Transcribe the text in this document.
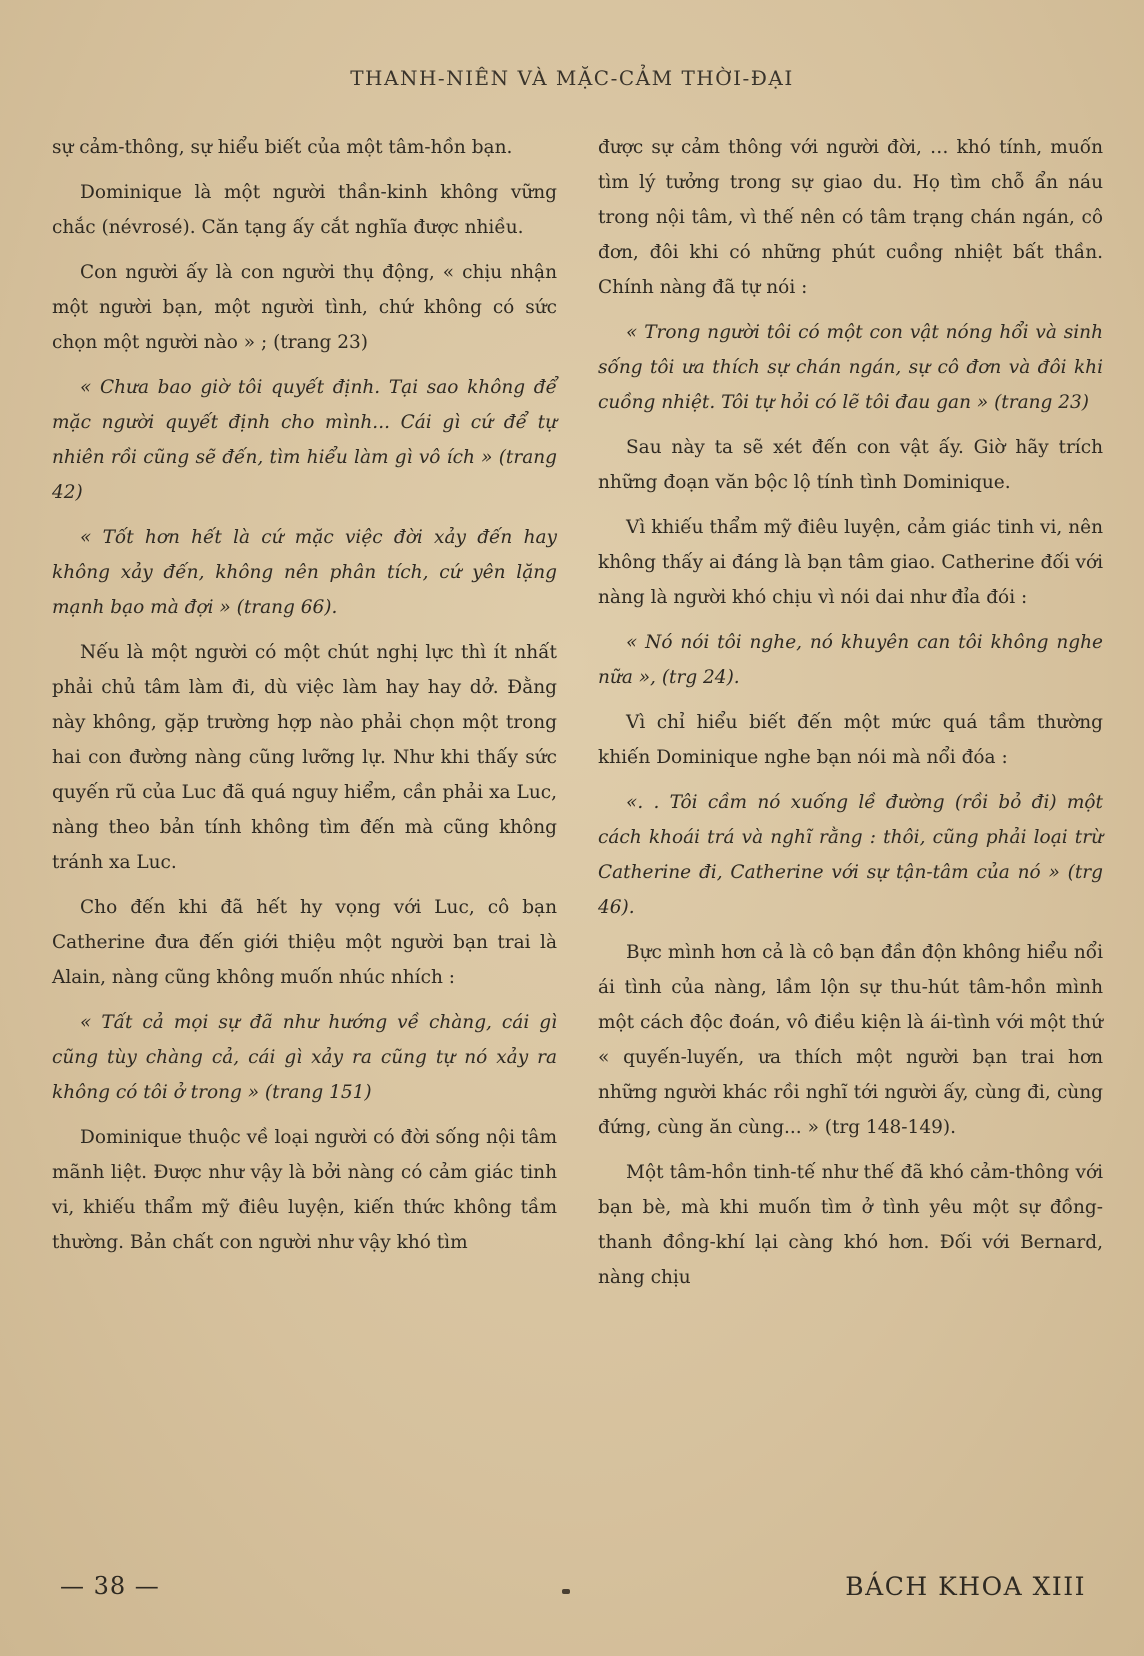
THANH-NIÊN VÀ MẶC-CẢM THỜI-ĐẠI

sự cảm-thông, sự hiểu biết của một tâm-hồn bạn.

Dominique là một người thần-kinh không vững chắc (névrosé). Căn tạng ấy cắt nghĩa được nhiều.

Con người ấy là con người thụ động, « chịu nhận một người bạn, một người tình, chứ không có sức chọn một người nào » ; (trang 23)

« Chưa bao giờ tôi quyết định. Tại sao không để mặc người quyết định cho mình... Cái gì cứ để tự nhiên rồi cũng sẽ đến, tìm hiểu làm gì vô ích » (trang 42)

« Tốt hơn hết là cứ mặc việc đời xảy đến hay không xảy đến, không nên phân tích, cứ yên lặng mạnh bạo mà đợi » (trang 66).

Nếu là một người có một chút nghị lực thì ít nhất phải chủ tâm làm đi, dù việc làm hay hay dở. Đằng này không, gặp trường hợp nào phải chọn một trong hai con đường nàng cũng lưỡng lự. Như khi thấy sức quyến rũ của Luc đã quá nguy hiểm, cần phải xa Luc, nàng theo bản tính không tìm đến mà cũng không tránh xa Luc.

Cho đến khi đã hết hy vọng với Luc, cô bạn Catherine đưa đến giới thiệu một người bạn trai là Alain, nàng cũng không muốn nhúc nhích :

« Tất cả mọi sự đã như hướng về chàng, cái gì cũng tùy chàng cả, cái gì xảy ra cũng tự nó xảy ra không có tôi ở trong » (trang 151)

Dominique thuộc về loại người có đời sống nội tâm mãnh liệt. Được như vậy là bởi nàng có cảm giác tinh vi, khiếu thẩm mỹ điêu luyện, kiến thức không tầm thường. Bản chất con người như vậy khó tìm

được sự cảm thông với người đời, … khó tính, muốn tìm lý tưởng trong sự giao du. Họ tìm chỗ ẩn náu trong nội tâm, vì thế nên có tâm trạng chán ngán, cô đơn, đôi khi có những phút cuồng nhiệt bất thần. Chính nàng đã tự nói :

« Trong người tôi có một con vật nóng hổi và sinh sống tôi ưa thích sự chán ngán, sự cô đơn và đôi khi cuồng nhiệt. Tôi tự hỏi có lẽ tôi đau gan » (trang 23)

Sau này ta sẽ xét đến con vật ấy. Giờ hãy trích những đoạn văn bộc lộ tính tình Dominique.

Vì khiếu thẩm mỹ điêu luyện, cảm giác tinh vi, nên không thấy ai đáng là bạn tâm giao. Catherine đối với nàng là người khó chịu vì nói dai như đỉa đói :

« Nó nói tôi nghe, nó khuyên can tôi không nghe nữa », (trg 24).

Vì chỉ hiểu biết đến một mức quá tầm thường khiến Dominique nghe bạn nói mà nổi đóa :

«. . Tôi cầm nó xuống lề đường (rồi bỏ đi) một cách khoái trá và nghĩ rằng : thôi, cũng phải loại trừ Catherine đi, Catherine với sự tận-tâm của nó » (trg 46).

Bực mình hơn cả là cô bạn đần độn không hiểu nổi ái tình của nàng, lầm lộn sự thu-hút tâm-hồn mình một cách độc đoán, vô điều kiện là ái-tình với một thứ « quyến-luyến, ưa thích một người bạn trai hơn những người khác rồi nghĩ tới người ấy, cùng đi, cùng đứng, cùng ăn cùng... » (trg 148-149).

Một tâm-hồn tinh-tế như thế đã khó cảm-thông với bạn bè, mà khi muốn tìm ở tình yêu một sự đồng-thanh đồng-khí lại càng khó hơn. Đối với Bernard, nàng chịu

— 38 —	BÁCH KHOA XIII
